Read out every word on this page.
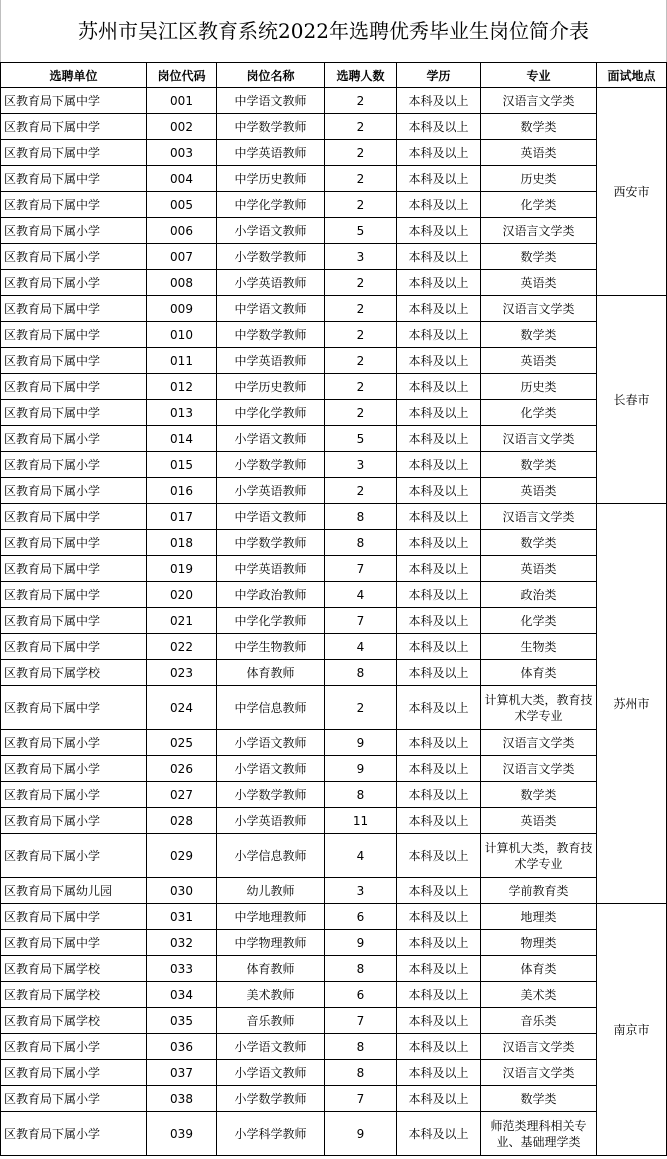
苏州市吴江区教育系统2022年选聘优秀毕业生岗位简介表
选聘单位	岗位代码	岗位名称	选聘人数	学历	专业	面试地点
区教育局下属中学	001	中学语文教师	2	本科及以上	汉语言文学类	西安市
区教育局下属中学	002	中学数学教师	2	本科及以上	数学类	
区教育局下属中学	003	中学英语教师	2	本科及以上	英语类	
区教育局下属中学	004	中学历史教师	2	本科及以上	历史类	
区教育局下属中学	005	中学化学教师	2	本科及以上	化学类	
区教育局下属小学	006	小学语文教师	5	本科及以上	汉语言文学类	
区教育局下属小学	007	小学数学教师	3	本科及以上	数学类	
区教育局下属小学	008	小学英语教师	2	本科及以上	英语类	
区教育局下属中学	009	中学语文教师	2	本科及以上	汉语言文学类	长春市
区教育局下属中学	010	中学数学教师	2	本科及以上	数学类	
区教育局下属中学	011	中学英语教师	2	本科及以上	英语类	
区教育局下属中学	012	中学历史教师	2	本科及以上	历史类	
区教育局下属中学	013	中学化学教师	2	本科及以上	化学类	
区教育局下属小学	014	小学语文教师	5	本科及以上	汉语言文学类	
区教育局下属小学	015	小学数学教师	3	本科及以上	数学类	
区教育局下属小学	016	小学英语教师	2	本科及以上	英语类	
区教育局下属中学	017	中学语文教师	8	本科及以上	汉语言文学类	苏州市
区教育局下属中学	018	中学数学教师	8	本科及以上	数学类	
区教育局下属中学	019	中学英语教师	7	本科及以上	英语类	
区教育局下属中学	020	中学政治教师	4	本科及以上	政治类	
区教育局下属中学	021	中学化学教师	7	本科及以上	化学类	
区教育局下属中学	022	中学生物教师	4	本科及以上	生物类	
区教育局下属学校	023	体育教师	8	本科及以上	体育类	
区教育局下属中学	024	中学信息教师	2	本科及以上	计算机大类，教育技术学专业	
区教育局下属小学	025	小学语文教师	9	本科及以上	汉语言文学类	
区教育局下属小学	026	小学语文教师	9	本科及以上	汉语言文学类	
区教育局下属小学	027	小学数学教师	8	本科及以上	数学类	
区教育局下属小学	028	小学英语教师	11	本科及以上	英语类	
区教育局下属小学	029	小学信息教师	4	本科及以上	计算机大类，教育技术学专业	
区教育局下属幼儿园	030	幼儿教师	3	本科及以上	学前教育类	
区教育局下属中学	031	中学地理教师	6	本科及以上	地理类	南京市
区教育局下属中学	032	中学物理教师	9	本科及以上	物理类	
区教育局下属学校	033	体育教师	8	本科及以上	体育类	
区教育局下属学校	034	美术教师	6	本科及以上	美术类	
区教育局下属学校	035	音乐教师	7	本科及以上	音乐类	
区教育局下属小学	036	小学语文教师	8	本科及以上	汉语言文学类	
区教育局下属小学	037	小学语文教师	8	本科及以上	汉语言文学类	
区教育局下属小学	038	小学数学教师	7	本科及以上	数学类	
区教育局下属小学	039	小学科学教师	9	本科及以上	师范类理科相关专业、基础理学类	
